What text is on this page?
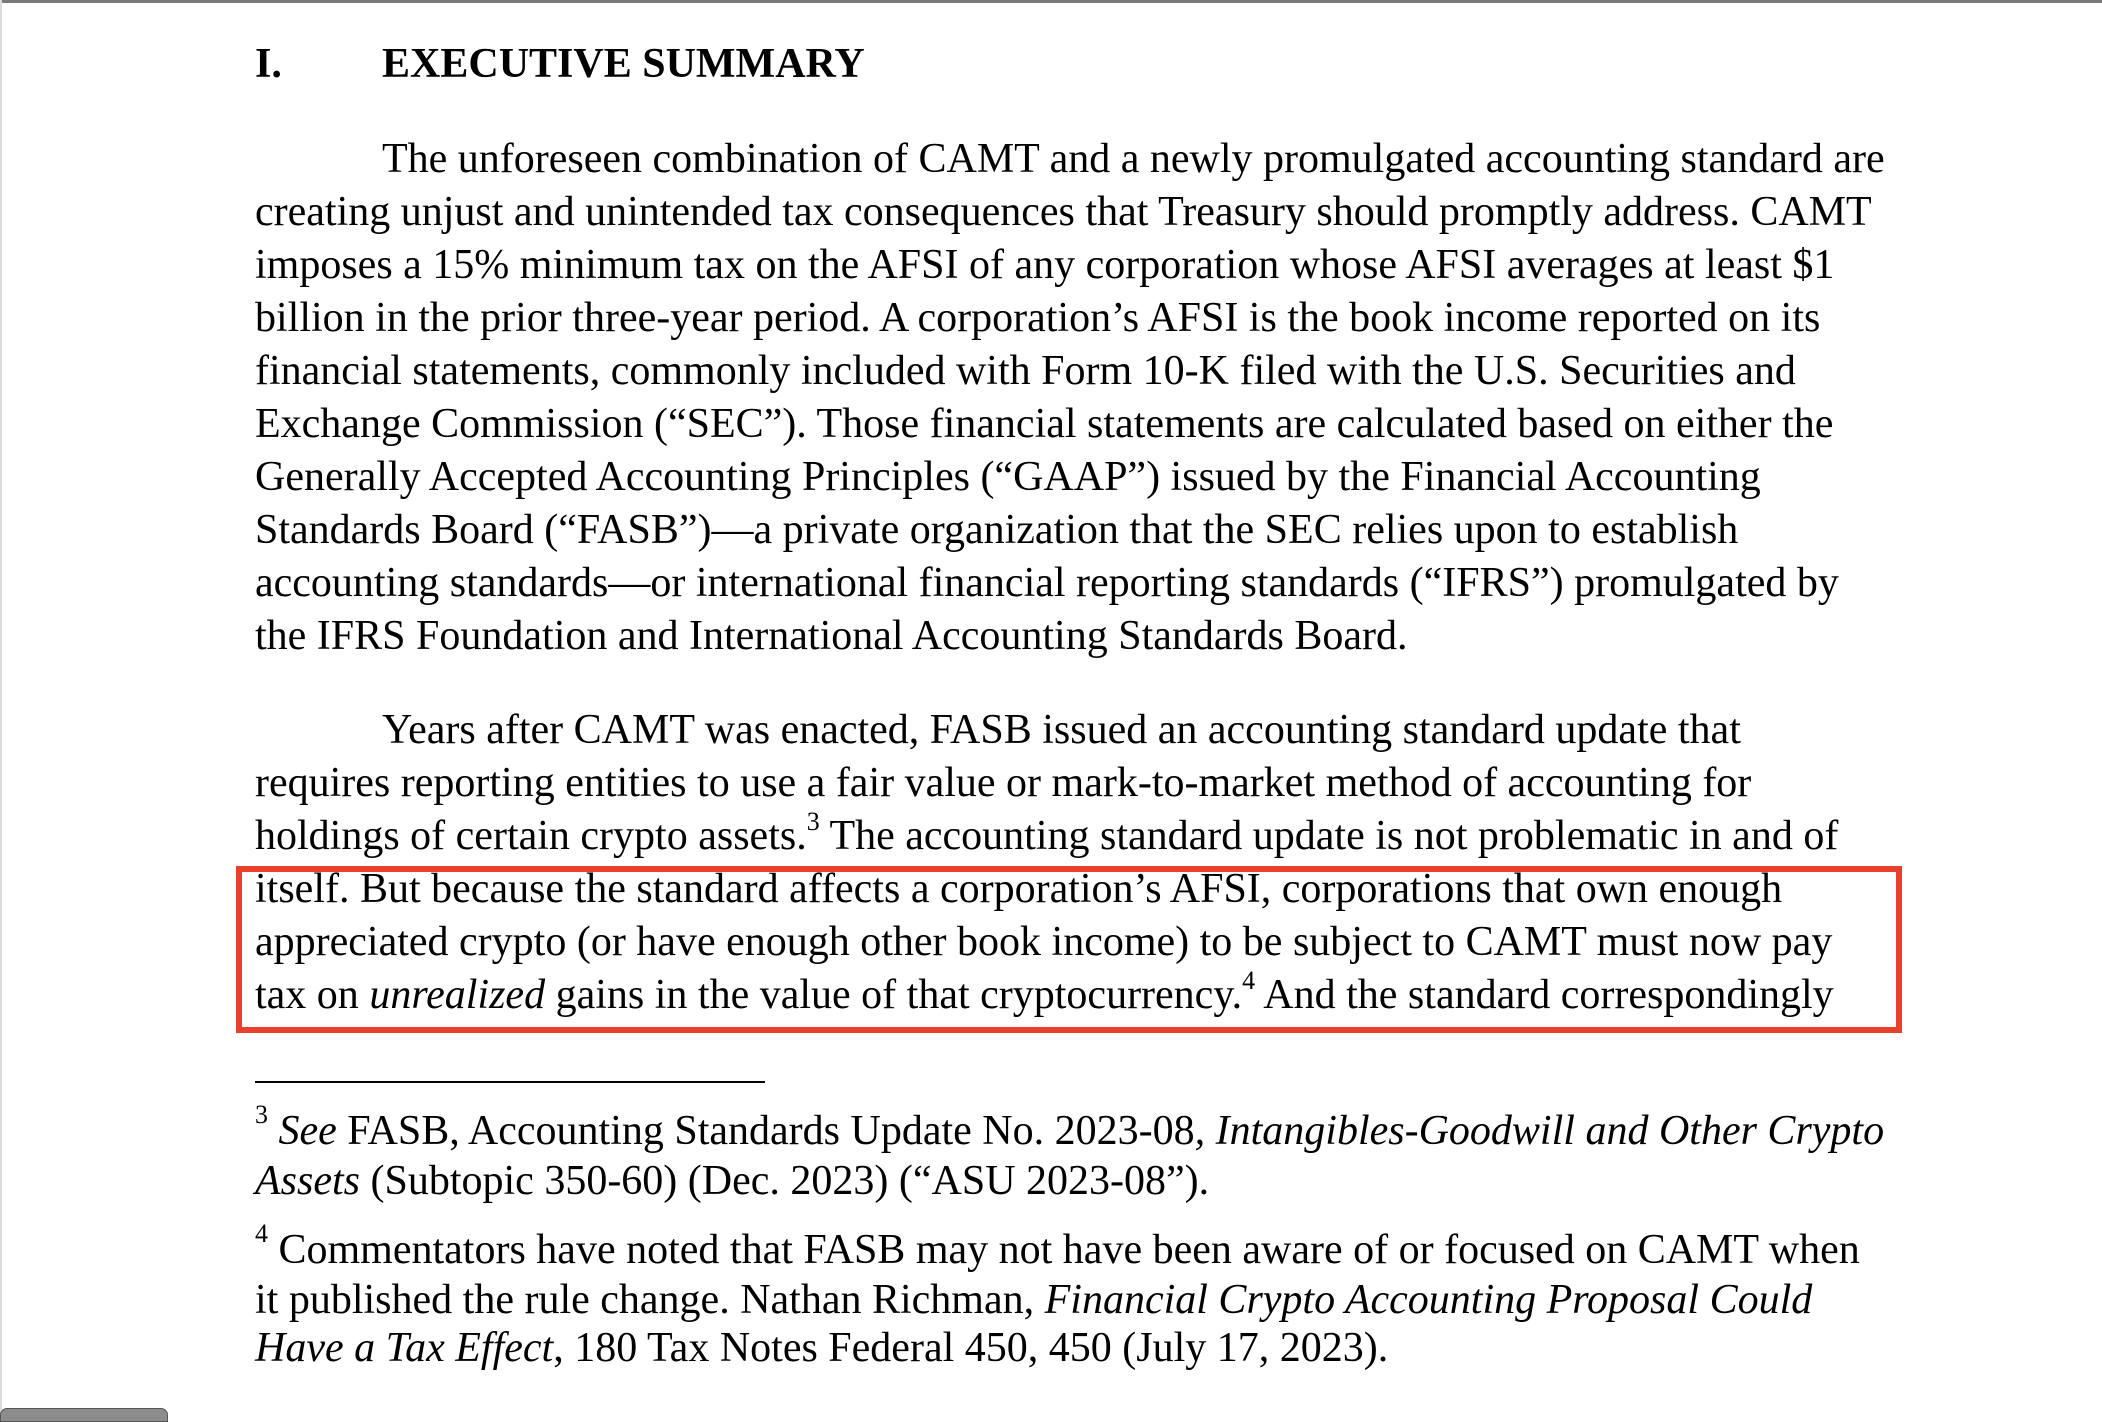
I. EXECUTIVE SUMMARY
The unforeseen combination of CAMT and a newly promulgated accounting standard are
creating unjust and unintended tax consequences that Treasury should promptly address. CAMT
imposes a 15% minimum tax on the AFSI of any corporation whose AFSI averages at least $1
billion in the prior three-year period. A corporation’s AFSI is the book income reported on its
financial statements, commonly included with Form 10-K filed with the U.S. Securities and
Exchange Commission (“SEC”). Those financial statements are calculated based on either the
Generally Accepted Accounting Principles (“GAAP”) issued by the Financial Accounting
Standards Board (“FASB”)—a private organization that the SEC relies upon to establish
accounting standards—or international financial reporting standards (“IFRS”) promulgated by
the IFRS Foundation and International Accounting Standards Board.
Years after CAMT was enacted, FASB issued an accounting standard update that
requires reporting entities to use a fair value or mark-to-market method of accounting for
holdings of certain crypto assets.$^3$ The accounting standard update is not problematic in and of
itself. But because the standard affects a corporation’s AFSI, corporations that own enough
appreciated crypto (or have enough other book income) to be subject to CAMT must now pay
tax on unrealized gains in the value of that cryptocurrency.$^4$ And the standard correspondingly
$^3$ See FASB, Accounting Standards Update No. 2023-08, Intangibles-Goodwill and Other Crypto
Assets (Subtopic 350-60) (Dec. 2023) (“ASU 2023-08”).
$^4$ Commentators have noted that FASB may not have been aware of or focused on CAMT when
it published the rule change. Nathan Richman, Financial Crypto Accounting Proposal Could
Have a Tax Effect, 180 Tax Notes Federal 450, 450 (July 17, 2023).
